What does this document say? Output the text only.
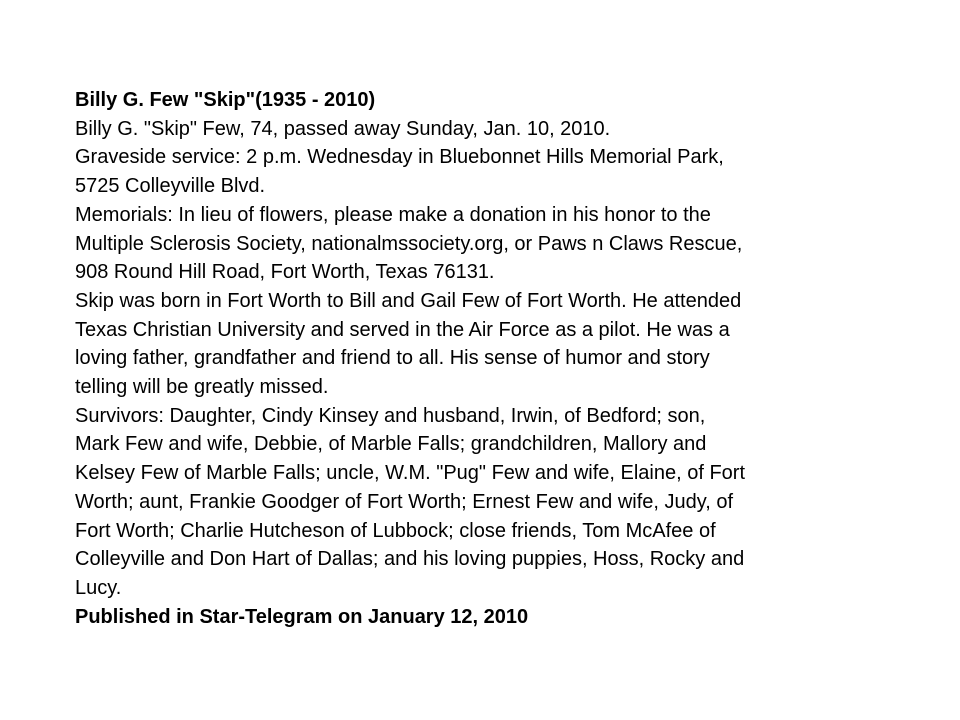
Billy G. Few "Skip"(1935 - 2010)
Billy G. "Skip" Few, 74, passed away Sunday, Jan. 10, 2010.
Graveside service: 2 p.m. Wednesday in Bluebonnet Hills Memorial Park,
5725 Colleyville Blvd.
Memorials: In lieu of flowers, please make a donation in his honor to the
Multiple Sclerosis Society, nationalmssociety.org, or Paws n Claws Rescue,
908 Round Hill Road, Fort Worth, Texas 76131.
Skip was born in Fort Worth to Bill and Gail Few of Fort Worth. He attended
Texas Christian University and served in the Air Force as a pilot. He was a
loving father, grandfather and friend to all. His sense of humor and story
telling will be greatly missed.
Survivors: Daughter, Cindy Kinsey and husband, Irwin, of Bedford; son,
Mark Few and wife, Debbie, of Marble Falls; grandchildren, Mallory and
Kelsey Few of Marble Falls; uncle, W.M. "Pug" Few and wife, Elaine, of Fort
Worth; aunt, Frankie Goodger of Fort Worth; Ernest Few and wife, Judy, of
Fort Worth; Charlie Hutcheson of Lubbock; close friends, Tom McAfee of
Colleyville and Don Hart of Dallas; and his loving puppies, Hoss, Rocky and
Lucy.
Published in Star-Telegram on January 12, 2010
